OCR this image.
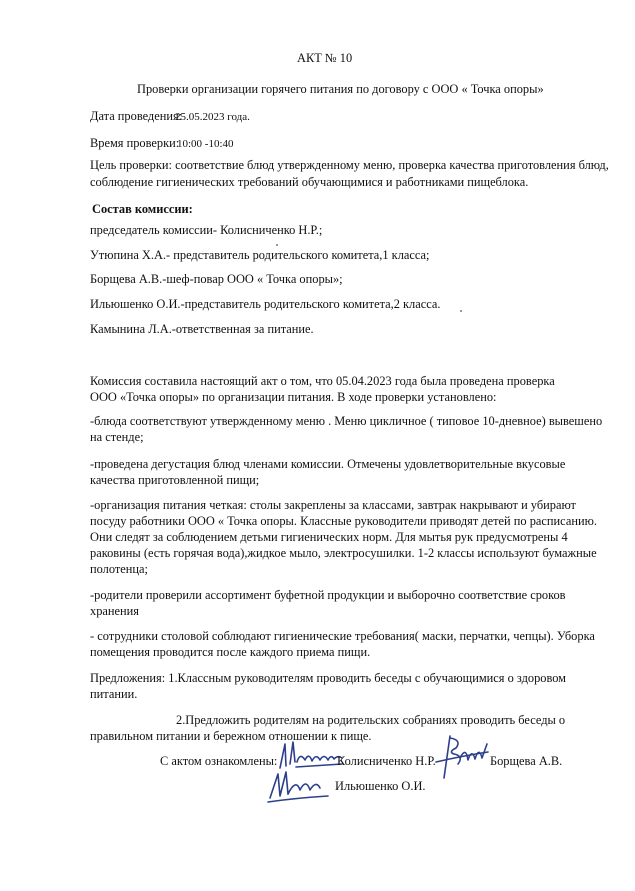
АКТ № 10
Проверки организации горячего питания по договору с ООО « Точка опоры»
Дата проведения:
25.05.2023 года.
Время проверки:
10:00 -10:40
Цель проверки: соответствие блюд утвержденному меню, проверка качества приготовления блюд,
соблюдение гигиенических требований обучающимися и работниками пищеблока.
Состав комиссии:
председатель комиссии- Колисниченко Н.Р.;
Утюпина Х.А.- представитель родительского комитета,1 класса;
Борщева А.В.-шеф-повар ООО « Точка опоры»;
Ильюшенко О.И.-представитель родительского комитета,2 класса.
Камынина Л.А.-ответственная за питание.
Комиссия составила настоящий акт о том, что 05.04.2023 года была проведена проверка
ООО «Точка опоры» по организации питания. В ходе проверки установлено:
-блюда соответствуют утвержденному меню . Меню цикличное ( типовое 10-дневное) вывешено
на стенде;
-проведена дегустация блюд членами комиссии. Отмечены удовлетворительные вкусовые
качества приготовленной пищи;
-организация питания четкая: столы закреплены за классами, завтрак накрывают и убирают
посуду работники ООО « Точка опоры. Классные руководители приводят детей по расписанию.
Они следят за соблюдением детьми гигиенических норм. Для мытья рук предусмотрены 4
раковины (есть горячая вода),жидкое мыло, электросушилки. 1-2 классы используют бумажные
полотенца;
-родители проверили ассортимент буфетной продукции и выборочно соответствие сроков
хранения
- сотрудники столовой соблюдают гигиенические требования( маски, перчатки, чепцы). Уборка
помещения проводится после каждого приема пищи.
Предложения: 1.Классным руководителям проводить беседы с обучающимися о здоровом
питании.
2.Предложить родителям на родительских собраниях проводить беседы о
правильном питании и бережном отношении к пище.
С актом ознакомлены:	Колисниченко Н.Р.	Борщева А.В.
Ильюшенко О.И.
